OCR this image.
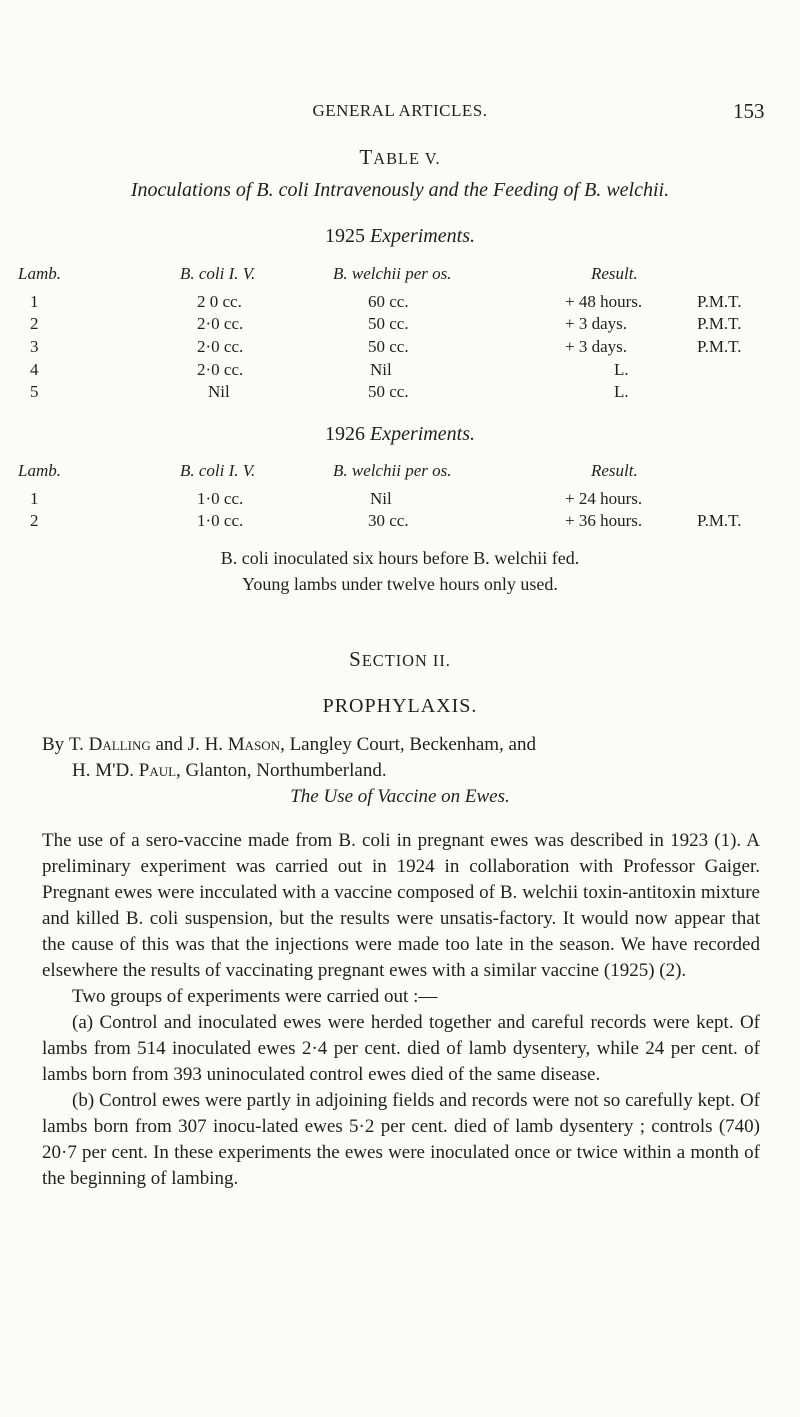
GENERAL ARTICLES.	153
TABLE V.
Inoculations of B. coli Intravenously and the Feeding of B. welchii.
1925 Experiments.
Lamb.	B. coli I. V.	B. welchii per os.	Result.
1	2 0 cc.	60 cc.	+ 48 hours.	P.M.T.
2	2·0 cc.	50 cc.	+ 3 days.	P.M.T.
3	2·0 cc.	50 cc.	+ 3 days.	P.M.T.
4	2·0 cc.	Nil	L.
5	Nil	50 cc.	L.
1926 Experiments.
Lamb.	B. coli I. V.	B. welchii per os.	Result.
1	1·0 cc.	Nil	+ 24 hours.
2	1·0 cc.	30 cc.	+ 36 hours.	P.M.T.
B. coli inoculated six hours before B. welchii fed.
Young lambs under twelve hours only used.
SECTION II.
PROPHYLAXIS.
By T. Dalling and J. H. Mason, Langley Court, Beckenham, and
H. M'D. Paul, Glanton, Northumberland.
The Use of Vaccine on Ewes.

The use of a sero-vaccine made from B. coli in pregnant ewes was described in 1923 (1). A preliminary experiment was carried out in 1924 in collaboration with Professor Gaiger. Pregnant ewes were incculated with a vaccine composed of B. welchii toxin-antitoxin mixture and killed B. coli suspension, but the results were unsatis-factory. It would now appear that the cause of this was that the injections were made too late in the season. We have recorded elsewhere the results of vaccinating pregnant ewes with a similar vaccine (1925) (2).

Two groups of experiments were carried out :—

(a) Control and inoculated ewes were herded together and careful records were kept. Of lambs from 514 inoculated ewes 2·4 per cent. died of lamb dysentery, while 24 per cent. of lambs born from 393 uninoculated control ewes died of the same disease.

(b) Control ewes were partly in adjoining fields and records were not so carefully kept. Of lambs born from 307 inocu-lated ewes 5·2 per cent. died of lamb dysentery ; controls (740) 20·7 per cent. In these experiments the ewes were inoculated once or twice within a month of the beginning of lambing.
